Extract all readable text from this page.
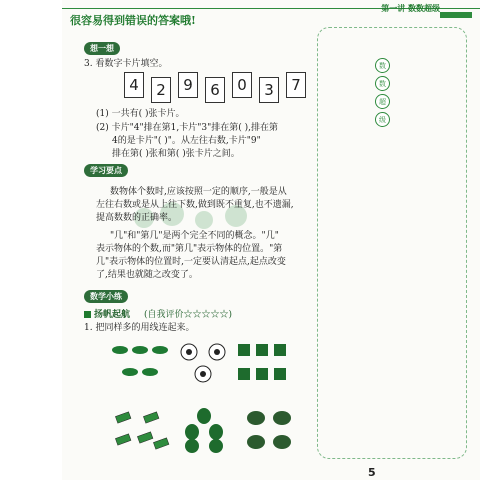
很容易得到错误的答案哦!
第一讲 数数超级
数
数
超
级
想一想
3. 看数字卡片填空。
4	2	9	6	0	3	7
(1) 一共有( )张卡片。
(2) 卡片"4"排在第1,卡片"3"排在第( ),排在第
4的是卡片"( )"。从左往右数,卡片"9"
排在第( )张和第( )张卡片之间。
学习要点
数物体个数时,应该按照一定的顺序,一般是从
左往右数或是从上往下数,做到既不重复,也不遗漏,
提高数数的正确率。
"几"和"第几"是两个完全不同的概念。"几"
表示物体的个数,而"第几"表示物体的位置。"第
几"表示物体的位置时,一定要认清起点,起点改变
了,结果也就随之改变了。
数学小练
扬帆起航 (自我评价☆☆☆☆☆)
1. 把同样多的用线连起来。
5
